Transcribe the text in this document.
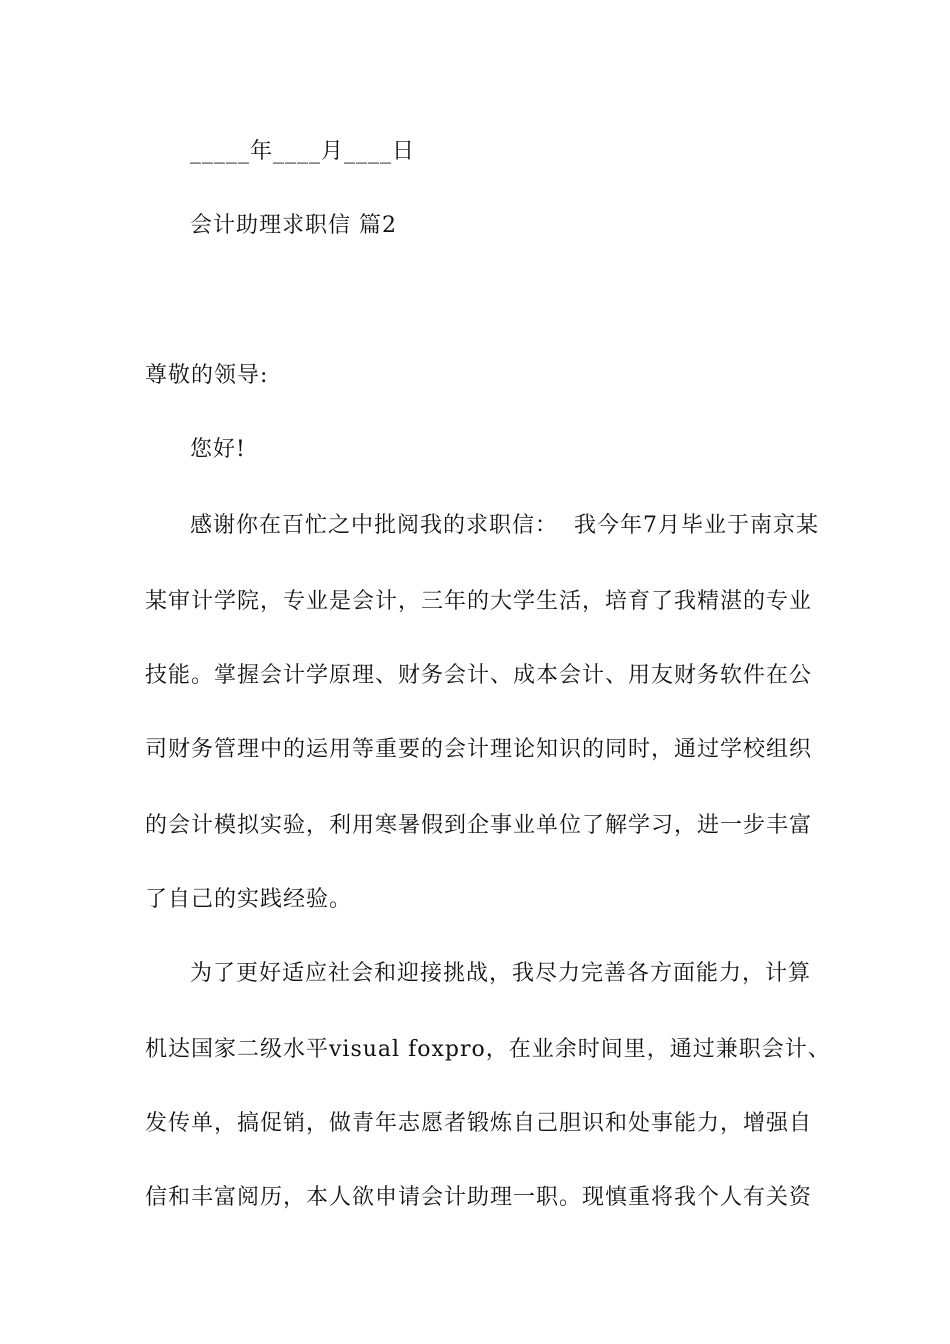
_____年____月____日
会计助理求职信 篇2
尊敬的领导:
您好!
感谢你在百忙之中批阅我的求职信：  我今年7月毕业于南京某
某审计学院，专业是会计，三年的大学生活，培育了我精湛的专业
技能。掌握会计学原理、财务会计、成本会计、用友财务软件在公
司财务管理中的运用等重要的会计理论知识的同时，通过学校组织
的会计模拟实验，利用寒暑假到企事业单位了解学习，进一步丰富
了自己的实践经验。
为了更好适应社会和迎接挑战，我尽力完善各方面能力，计算
机达国家二级水平visual foxpro，在业余时间里，通过兼职会计、
发传单，搞促销，做青年志愿者锻炼自己胆识和处事能力，增强自
信和丰富阅历，本人欲申请会计助理一职。现慎重将我个人有关资
